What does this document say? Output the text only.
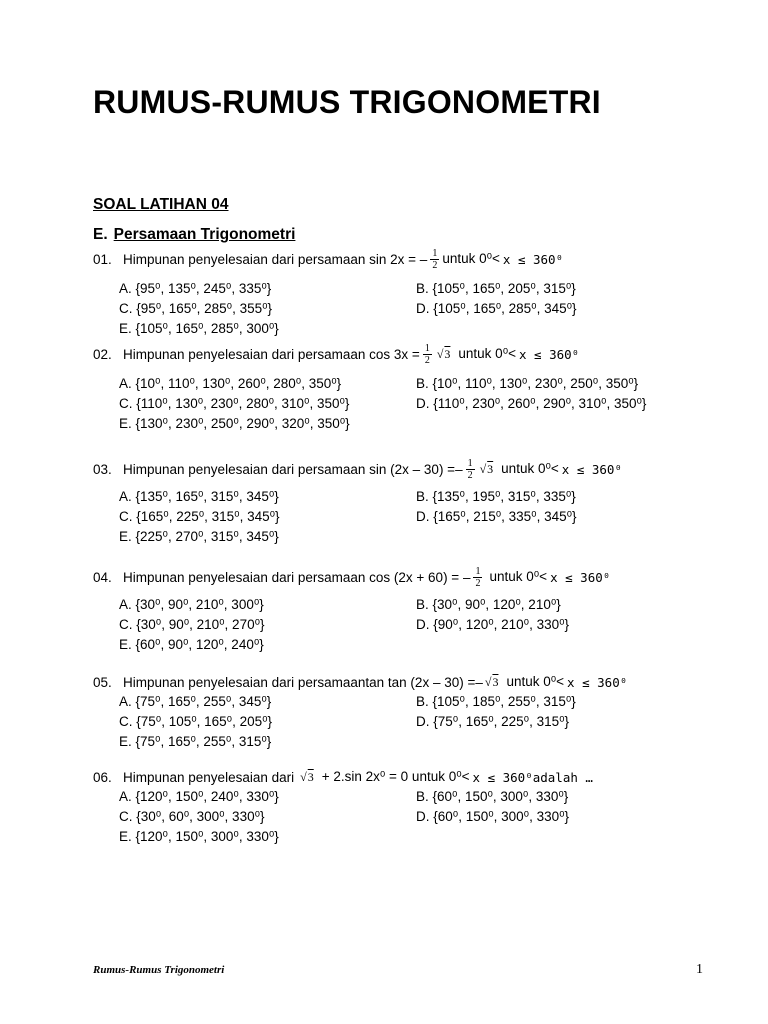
RUMUS-RUMUS TRIGONOMETRI
SOAL LATIHAN 04
E. Persamaan Trigonometri
01. Himpunan penyelesaian dari persamaan sin 2x = – $\frac{1}{2}$ untuk 0⁰< x ≤ 360⁰
A. {95⁰, 135⁰, 245⁰, 335⁰}	B. {105⁰, 165⁰, 205⁰, 315⁰}
C. {95⁰, 165⁰, 285⁰, 355⁰}	D. {105⁰, 165⁰, 285⁰, 345⁰}
E. {105⁰, 165⁰, 285⁰, 300⁰}
02. Himpunan penyelesaian dari persamaan $\cos 3x = \frac{1}{2} √3$ untuk 0⁰< x ≤ 360⁰
A. {10⁰, 110⁰, 130⁰, 260⁰, 280⁰, 350⁰}	B. {10⁰, 110⁰, 130⁰, 230⁰, 250⁰, 350⁰}
C. {110⁰, 130⁰, 230⁰, 280⁰, 310⁰, 350⁰}	D. {110⁰, 230⁰, 260⁰, 290⁰, 310⁰, 350⁰}
E. {130⁰, 230⁰, 250⁰, 290⁰, 320⁰, 350⁰}
03. Himpunan penyelesaian dari persamaan $\sin (2x - 30) =- \frac{1}{2} √3$ untuk 0⁰< x ≤ 360⁰
A. {135⁰, 165⁰, 315⁰, 345⁰}	B. {135⁰, 195⁰, 315⁰, 335⁰}
C. {165⁰, 225⁰, 315⁰, 345⁰}	D. {165⁰, 215⁰, 335⁰, 345⁰}
E. {225⁰, 270⁰, 315⁰, 345⁰}
04. Himpunan penyelesaian dari persamaan cos (2x + 60) = – $\frac{1}{2}$ untuk 0⁰< x ≤ 360⁰
A. {30⁰, 90⁰, 210⁰, 300⁰}	B. {30⁰, 90⁰, 120⁰, 210⁰}
C. {30⁰, 90⁰, 210⁰, 270⁰}	D. {90⁰, 120⁰, 210⁰, 330⁰}
E. {60⁰, 90⁰, 120⁰, 240⁰}
05. Himpunan penyelesaian dari persamaantan tan (2x – 30) =– √3 untuk 0⁰< x ≤ 360⁰
A. {75⁰, 165⁰, 255⁰, 345⁰}	B. {105⁰, 185⁰, 255⁰, 315⁰}
C. {75⁰, 105⁰, 165⁰, 205⁰}	D. {75⁰, 165⁰, 225⁰, 315⁰}
E. {75⁰, 165⁰, 255⁰, 315⁰}
06. Himpunan penyelesaian dari √3 + 2.sin 2x⁰ = 0 untuk 0⁰< x ≤ 360⁰adalah …
A. {120⁰, 150⁰, 240⁰, 330⁰}	B. {60⁰, 150⁰, 300⁰, 330⁰}
C. {30⁰, 60⁰, 300⁰, 330⁰}	D. {60⁰, 150⁰, 300⁰, 330⁰}
E. {120⁰, 150⁰, 300⁰, 330⁰}
Rumus-Rumus Trigonometri	1
